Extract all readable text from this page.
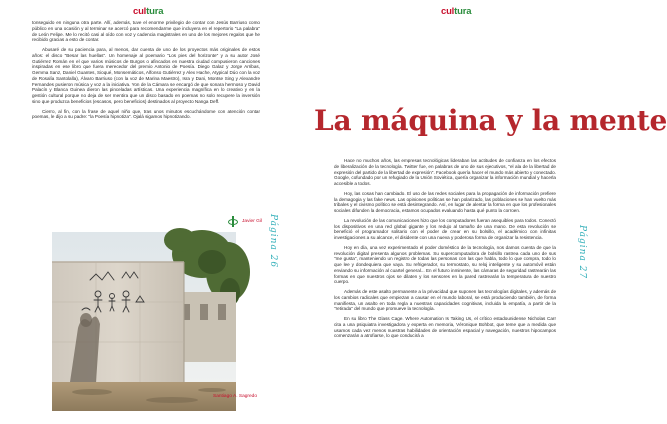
cultura

tonseguido en ninguna otra parte. Allí, además, tuve el enorme privilegio de contar con Jesús Barriuso como público en una ocasión y al terminar se acercó para recomendarme que incluyera en el repertorio "La palabra" de León Felipe. Me lo recitó casi al oído con voz y cadencia magistrales en uno de los mejores regalos que he recibido gracias a esto de contar.

Abusaré de su paciencia para, al menos, dar cuenta de uno de los proyectos más originales de estos años: el disco "Besar las huellas". Un homenaje al poemario "Los pies del horizonte" y a su autor José Gutiérrez Román en el que varios músicos de Burgos o afincados en nuestra ciudad compusieron canciones inspiradas en ese libro que fuera merecedor del premio Antonio de Poesía. Diego Galaz y Jorge Arribas, Gemma Sanz, Daniel Guantes, Sioqué, Monsemáticos, Alfonso Gutiérrez y Alex Hache, Atypical Dúo con la voz de Rosalía Santolalla), Álvaro Barriuso (con la voz de Marina Maestro), Isra y Dani, Montse Sing y Alexandre Fernandes pusieron música y voz a la iniciativa. Yon de la Cámara se encargó de que sonara hermoso y David Palacín y Blanca Guinea dieron las pinceladas artísticas. Una experiencia magnífica en lo creativo y en la gestión cultural porque no deja de ser mentira que un disco basado en poemas no solo recupere la inversión sino que produzca beneficios (escasos, pero beneficios) destinados al proyecto Nanga Deff.

Cierro, al fin, con la frase de aquel niño que, tras unos minutos escuchándome con atención contar poemas, le dijo a su padre: "la Poesía hipnotiza". Ojalá sigamos hipnotizando.

Javier Gil Página 26
Santiago A. Sagredo
cultura
La máquina y la mente
Página 27

Hace no muchos años, las empresas tecnológicas lideraban las actitudes de confianza en los efectos de liberalización de la tecnología. Twitter fue, en palabras de uno de sus ejecutivos, "el ala de la libertad de expresión del partido de la libertad de expresión". Facebook quería hacer el mundo más abierto y conectado. Google, cofundado por un refugiado de la Unión Soviética, quería organizar la información mundial y hacerla accesible a todos.

Hoy, las cosas han cambiado. El uso de las redes sociales para la propagación de información prefiere la demagogia y las fake news. Las opiniones políticas se han polarizado, las poblaciones se han vuelto más tribales y el civismo político se está desintegrando. Así, en lugar de alentar la forma en que los profesionales sociales difunden la democracia, estamos ocupados evaluando hasta qué punto la corroen.

La revolución de las comunicaciones hizo que los computadores fueran asequibles para todos. Conectó los dispositivos en una red global gigante y los redujo al tamaño de una mano. De esta revolución se benefició el programador solitario con el poder de crear en su bolsillo, el académico con infinitas investigaciones a su alcance, el disidente con una nueva y poderosa forma de organizar la resistencia.

Hoy en día, una vez experimentado el poder doméstico de la tecnología, nos damos cuenta de que la revolución digital presenta algunos problemas. Su supercomputadora de bolsillo rastrea cada uno de sus "me gusta", manteniendo un registro de todas las personas con las que habla, todo lo que compra, todo lo que lee y dondequiera que vaya. Su refrigerador, su termostato, su reloj inteligente y su automóvil están enviando su información al cuartel general... En el futuro inminente, las cámaras de seguridad rastrearán las formas en que nuestros ojos se dilaten y los sensores en la pared rastrearán la temperatura de nuestro cuerpo.

Además de este asalto permanente a la privacidad que suponen las tecnologías digitales, y además de los cambios radicales que empiezan a causar en el mundo laboral, se está produciendo también, de forma manifiesta, un asalto en toda regla a nuestras capacidades cognitivas, incluida la empatía, a partir de la "retirada" del mundo que promueve la tecnología.

En su libro The Glass Cage. Where Automation Is Taking Us, el crítico estadounidense Nicholas Carr cita a una psiquiatra investigadora y experta en memoria, Véronique Bohbot, que teme que a medida que usamos cada vez menos nuestras habilidades de orientación espacial y navegación, nuestros hipocampos comenzarán a atrofiarse, lo que conducirá a
